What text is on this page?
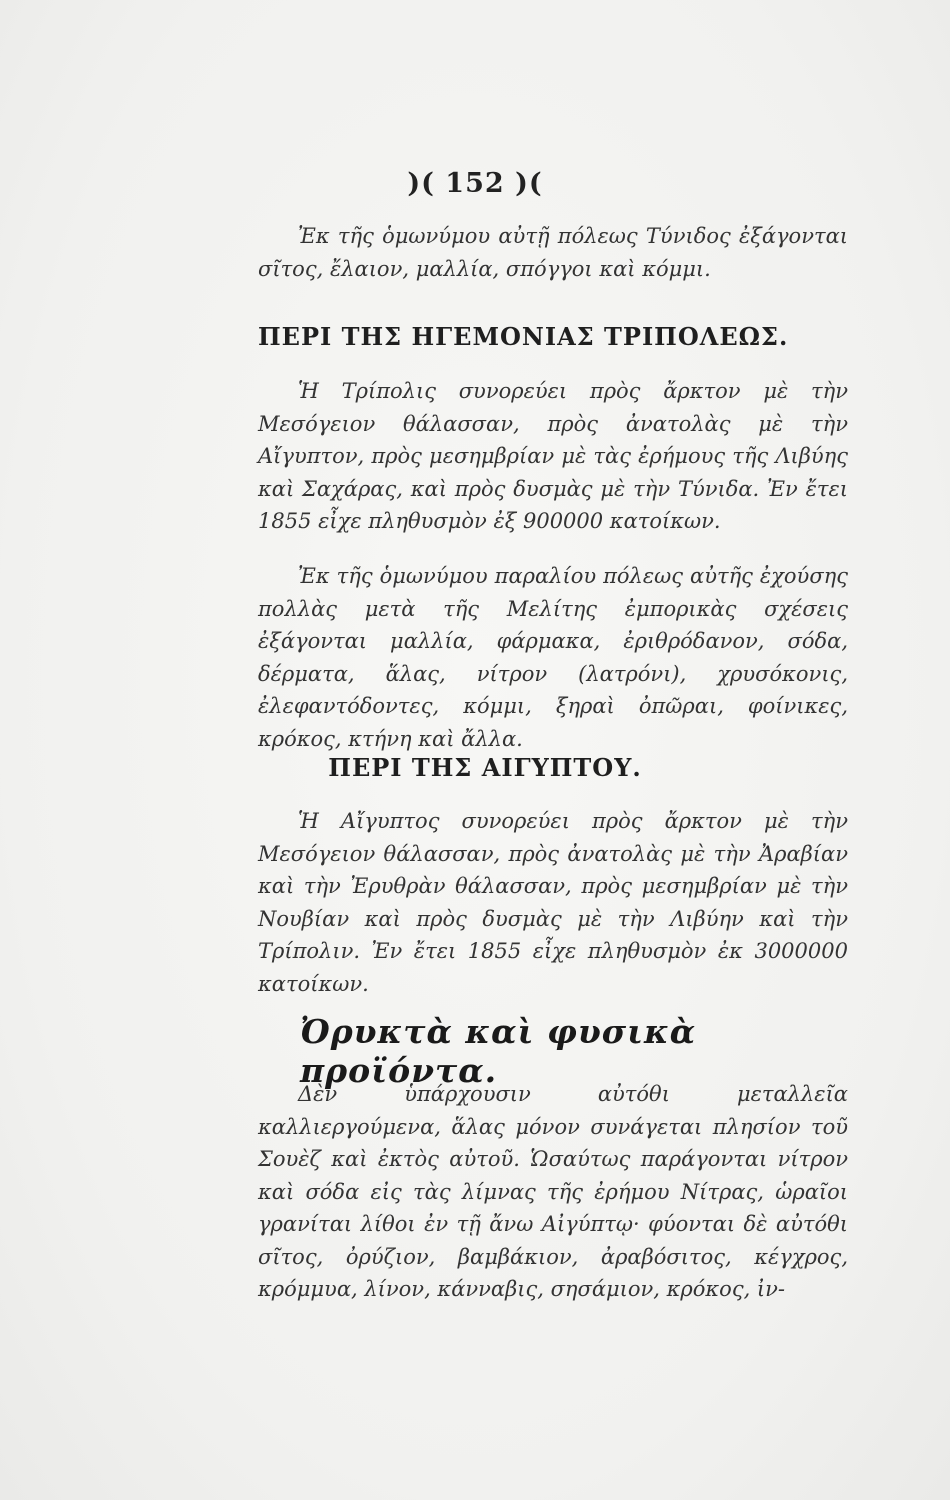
)( 152 )(

Ἐκ τῆς ὁμωνύμου αὐτῇ πόλεως Τύνιδος ἐξάγονται σῖτος, ἔλαιον, μαλλία, σπόγγοι καὶ κόμμι.

ΠΕΡΙ ΤΗΣ ΗΓΕΜΟΝΙΑΣ ΤΡΙΠΟΛΕΩΣ.

Ἡ Τρίπολις συνορεύει πρὸς ἄρκτον μὲ τὴν Μεσόγειον θάλασσαν, πρὸς ἀνατολὰς μὲ τὴν Αἴγυπτον, πρὸς μεσημβρίαν μὲ τὰς ἐρήμους τῆς Λιβύης καὶ Σαχάρας, καὶ πρὸς δυσμὰς μὲ τὴν Τύνιδα. Ἐν ἔτει 1855 εἶχε πληθυσμὸν ἐξ 900000 κατοίκων.

Ἐκ τῆς ὁμωνύμου παραλίου πόλεως αὐτῆς ἐχούσης πολλὰς μετὰ τῆς Μελίτης ἐμπορικὰς σχέσεις ἐξάγονται μαλλία, φάρμακα, ἐριθρόδανον, σόδα, δέρματα, ἅλας, νίτρον (λατρόνι), χρυσόκονις, ἐλεφαντόδοντες, κόμμι, ξηραὶ ὀπῶραι, φοίνικες, κρόκος, κτήνη καὶ ἄλλα.

ΠΕΡΙ ΤΗΣ ΑΙΓΥΠΤΟΥ.

Ἡ Αἴγυπτος συνορεύει πρὸς ἄρκτον μὲ τὴν Μεσόγειον θάλασσαν, πρὸς ἀνατολὰς μὲ τὴν Ἀραβίαν καὶ τὴν Ἐρυθρὰν θάλασσαν, πρὸς μεσημβρίαν μὲ τὴν Νουβίαν καὶ πρὸς δυσμὰς μὲ τὴν Λιβύην καὶ τὴν Τρίπολιν. Ἐν ἔτει 1855 εἶχε πληθυσμὸν ἐκ 3000000 κατοίκων.

Ὀρυκτὰ καὶ φυσικὰ προϊόντα.

Δὲν ὑπάρχουσιν αὐτόθι μεταλλεῖα καλλιεργούμενα, ἅλας μόνον συνάγεται πλησίον τοῦ Σουὲζ καὶ ἐκτὸς αὐτοῦ. Ὡσαύτως παράγονται νίτρον καὶ σόδα εἰς τὰς λίμνας τῆς ἐρήμου Νίτρας, ὡραῖοι γρανίται λίθοι ἐν τῇ ἄνω Αἰγύπτῳ· φύονται δὲ αὐτόθι σῖτος, ὀρύζιον, βαμβάκιον, ἀραβόσιτος, κέγχρος, κρόμμυα, λίνον, κάνναβις, σησάμιον, κρόκος, ἰν-
